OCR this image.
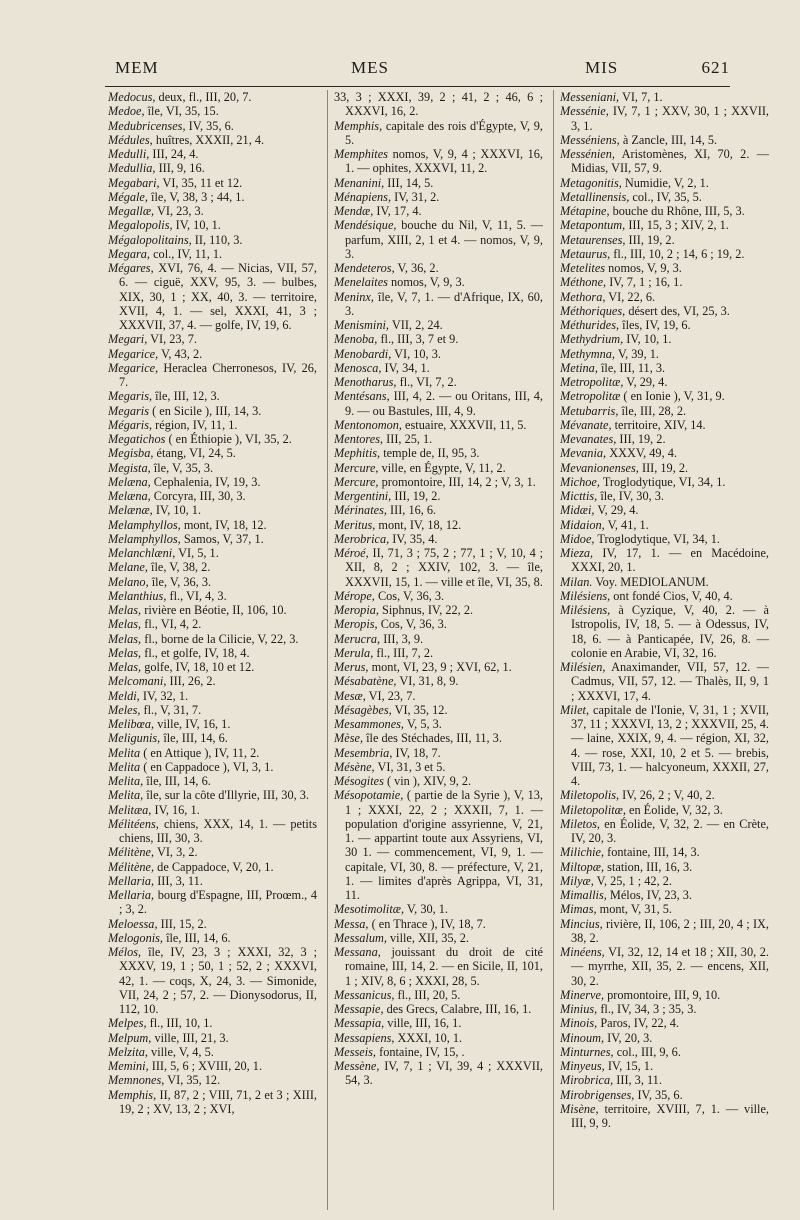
MEM	MES	MIS	621
Medocus, deux, fl., III, 20, 7.
Medoe, île, VI, 35, 15.
Medubricenses, IV, 35, 6.
Médules, huîtres, XXXII, 21, 4.
Medulli, III, 24, 4.
Medullia, III, 9, 16.
Megabari, VI, 35, 11 et 12.
Mégale, île, V, 38, 3 ; 44, 1.
Megallæ, VI, 23, 3.
Megalopolis, IV, 10, 1.
Mégalopolitains, II, 110, 3.
Megara, col., IV, 11, 1.
Mégares, XVI, 76, 4. — Nicias, VII, 57, 6. — ciguë, XXV, 95, 3. — bulbes, XIX, 30, 1 ; XX, 40, 3. — territoire, XVII, 4, 1. — sel, XXXI, 41, 3 ; XXXVII, 37, 4. — golfe, IV, 19, 6.
Megari, VI, 23, 7.
Megarice, V, 43, 2.
Megarice, Heraclea Cherronesos, IV, 26, 7.
Megaris, île, III, 12, 3.
Megaris ( en Sicile ), III, 14, 3.
Mégaris, région, IV, 11, 1.
Megatichos ( en Éthiopie ), VI, 35, 2.
Megisba, étang, VI, 24, 5.
Megista, île, V, 35, 3.
Melæna, Cephalenia, IV, 19, 3.
Melæna, Corcyra, III, 30, 3.
Melænæ, IV, 10, 1.
Melamphyllos, mont, IV, 18, 12.
Melamphyllos, Samos, V, 37, 1.
Melanchlæni, VI, 5, 1.
Melane, île, V, 38, 2.
Melano, île, V, 36, 3.
Melanthius, fl., VI, 4, 3.
Melas, rivière en Béotie, II, 106, 10.
Melas, fl., VI, 4, 2.
Melas, fl., borne de la Cilicie, V, 22, 3.
Melas, fl., et golfe, IV, 18, 4.
Melas, golfe, IV, 18, 10 et 12.
Melcomani, III, 26, 2.
Meldi, IV, 32, 1.
Meles, fl., V, 31, 7.
Melibœa, ville, IV, 16, 1.
Meligunis, île, III, 14, 6.
Melita ( en Attique ), IV, 11, 2.
Melita ( en Cappadoce ), VI, 3, 1.
Melita, île, III, 14, 6.
Melita, île, sur la côte d'Illyrie, III, 30, 3.
Melitæa, IV, 16, 1.
Mélitéens, chiens, XXX, 14, 1. — petits chiens, III, 30, 3.
Mélitène, VI, 3, 2.
Mélitène, de Cappadoce, V, 20, 1.
Mellaria, III, 3, 11.
Mellaria, bourg d'Espagne, III, Proœm., 4 ; 3, 2.
Meloessa, III, 15, 2.
Melogonis, île, III, 14, 6.
Mélos, île, IV, 23, 3 ; XXXI, 32, 3 ; XXXV, 19, 1 ; 50, 1 ; 52, 2 ; XXXVI, 42, 1. — coqs, X, 24, 3. — Simonide, VII, 24, 2 ; 57, 2. — Dionysodorus, II, 112, 10.
Melpes, fl., III, 10, 1.
Melpum, ville, III, 21, 3.
Melzita, ville, V, 4, 5.
Memini, III, 5, 6 ; XVIII, 20, 1.
Memnones, VI, 35, 12.
Memphis, II, 87, 2 ; VIII, 71, 2 et 3 ; XIII, 19, 2 ; XV, 13, 2 ; XVI,
33, 3 ; XXXI, 39, 2 ; 41, 2 ; 46, 6 ; XXXVI, 16, 2.
Memphis, capitale des rois d'Égypte, V, 9, 5.
Memphites nomos, V, 9, 4 ; XXXVI, 16, 1. — ophites, XXXVI, 11, 2.
Menanini, III, 14, 5.
Ménapiens, IV, 31, 2.
Mendæ, IV, 17, 4.
Mendésique, bouche du Nil, V, 11, 5. — parfum, XIII, 2, 1 et 4. — nomos, V, 9, 3.
Mendeteros, V, 36, 2.
Menelaites nomos, V, 9, 3.
Meninx, île, V, 7, 1. — d'Afrique, IX, 60, 3.
Menismini, VII, 2, 24.
Menoba, fl., III, 3, 7 et 9.
Menobardi, VI, 10, 3.
Menosca, IV, 34, 1.
Menotharus, fl., VI, 7, 2.
Mentésans, III, 4, 2. — ou Oritans, III, 4, 9. — ou Bastules, III, 4, 9.
Mentonomon, estuaire, XXXVII, 11, 5.
Mentores, III, 25, 1.
Mephitis, temple de, II, 95, 3.
Mercure, ville, en Égypte, V, 11, 2.
Mercure, promontoire, III, 14, 2 ; V, 3, 1.
Mergentini, III, 19, 2.
Mérinates, III, 16, 6.
Meritus, mont, IV, 18, 12.
Merobrica, IV, 35, 4.
Méroé, II, 71, 3 ; 75, 2 ; 77, 1 ; V, 10, 4 ; XII, 8, 2 ; XXIV, 102, 3. — île, XXXVII, 15, 1. — ville et île, VI, 35, 8.
Mérope, Cos, V, 36, 3.
Meropia, Siphnus, IV, 22, 2.
Meropis, Cos, V, 36, 3.
Merucra, III, 3, 9.
Merula, fl., III, 7, 2.
Merus, mont, VI, 23, 9 ; XVI, 62, 1.
Mésabatène, VI, 31, 8, 9.
Mesæ, VI, 23, 7.
Mésagèbes, VI, 35, 12.
Mesammones, V, 5, 3.
Mèse, île des Stéchades, III, 11, 3.
Mesembria, IV, 18, 7.
Mésène, VI, 31, 3 et 5.
Mésogites ( vin ), XIV, 9, 2.
Mésopotamie, ( partie de la Syrie ), V, 13, 1 ; XXXI, 22, 2 ; XXXII, 7, 1. — population d'origine assyrienne, V, 21, 1. — appartint toute aux Assyriens, VI, 30 1. — commencement, VI, 9, 1. — capitale, VI, 30, 8. — préfecture, V, 21, 1. — limites d'après Agrippa, VI, 31, 11.
Mesotimolitæ, V, 30, 1.
Messa, ( en Thrace ), IV, 18, 7.
Messalum, ville, XII, 35, 2.
Messana, jouissant du droit de cité romaine, III, 14, 2. — en Sicile, II, 101, 1 ; XIV, 8, 6 ; XXXI, 28, 5.
Messanicus, fl., III, 20, 5.
Messapie, des Grecs, Calabre, III, 16, 1.
Messapia, ville, III, 16, 1.
Messapiens, XXXI, 10, 1.
Messeis, fontaine, IV, 15, .
Messène, IV, 7, 1 ; VI, 39, 4 ; XXXVII, 54, 3.
Messeniani, VI, 7, 1.
Messénie, IV, 7, 1 ; XXV, 30, 1 ; XXVII, 3, 1.
Messéniens, à Zancle, III, 14, 5.
Messénien, Aristomènes, XI, 70, 2. — Midias, VII, 57, 9.
Metagonitis, Numidie, V, 2, 1.
Metallinensis, col., IV, 35, 5.
Métapine, bouche du Rhône, III, 5, 3.
Metapontum, III, 15, 3 ; XIV, 2, 1.
Metaurenses, III, 19, 2.
Metaurus, fl., III, 10, 2 ; 14, 6 ; 19, 2.
Metelites nomos, V, 9, 3.
Méthone, IV, 7, 1 ; 16, 1.
Methora, VI, 22, 6.
Méthoriques, désert des, VI, 25, 3.
Méthurides, îles, IV, 19, 6.
Methydrium, IV, 10, 1.
Methymna, V, 39, 1.
Metina, île, III, 11, 3.
Metropolitæ, V, 29, 4.
Metropolitæ ( en Ionie ), V, 31, 9.
Metubarris, île, III, 28, 2.
Mévanate, territoire, XIV, 14.
Mevanates, III, 19, 2.
Mevania, XXXV, 49, 4.
Mevanionenses, III, 19, 2.
Michoe, Troglodytique, VI, 34, 1.
Micttis, île, IV, 30, 3.
Midæi, V, 29, 4.
Midaion, V, 41, 1.
Midoe, Troglodytique, VI, 34, 1.
Mieza, IV, 17, 1. — en Macédoine, XXXI, 20, 1.
Milan. Voy. MEDIOLANUM.
Milésiens, ont fondé Cios, V, 40, 4.
Milésiens, à Cyzique, V, 40, 2. — à Istropolis, IV, 18, 5. — à Odessus, IV, 18, 6. — à Panticapée, IV, 26, 8. — colonie en Arabie, VI, 32, 16.
Milésien, Anaximander, VII, 57, 12. — Cadmus, VII, 57, 12. — Thalès, II, 9, 1 ; XXXVI, 17, 4.
Milet, capitale de l'Ionie, V, 31, 1 ; XVII, 37, 11 ; XXXVI, 13, 2 ; XXXVII, 25, 4. — laine, XXIX, 9, 4. — région, XI, 32, 4. — rose, XXI, 10, 2 et 5. — brebis, VIII, 73, 1. — halcyoneum, XXXII, 27, 4.
Miletopolis, IV, 26, 2 ; V, 40, 2.
Miletopolitæ, en Éolide, V, 32, 3.
Miletos, en Éolide, V, 32, 2. — en Crète, IV, 20, 3.
Milichie, fontaine, III, 14, 3.
Miltopæ, station, III, 16, 3.
Milyæ, V, 25, 1 ; 42, 2.
Mimallis, Mélos, IV, 23, 3.
Mimas, mont, V, 31, 5.
Mincius, rivière, II, 106, 2 ; III, 20, 4 ; IX, 38, 2.
Minéens, VI, 32, 12, 14 et 18 ; XII, 30, 2. — myrrhe, XII, 35, 2. — encens, XII, 30, 2.
Minerve, promontoire, III, 9, 10.
Minius, fl., IV, 34, 3 ; 35, 3.
Minois, Paros, IV, 22, 4.
Minoum, IV, 20, 3.
Minturnes, col., III, 9, 6.
Minyeus, IV, 15, 1.
Mirobrica, III, 3, 11.
Mirobrigenses, IV, 35, 6.
Misène, territoire, XVIII, 7, 1. — ville, III, 9, 9.
